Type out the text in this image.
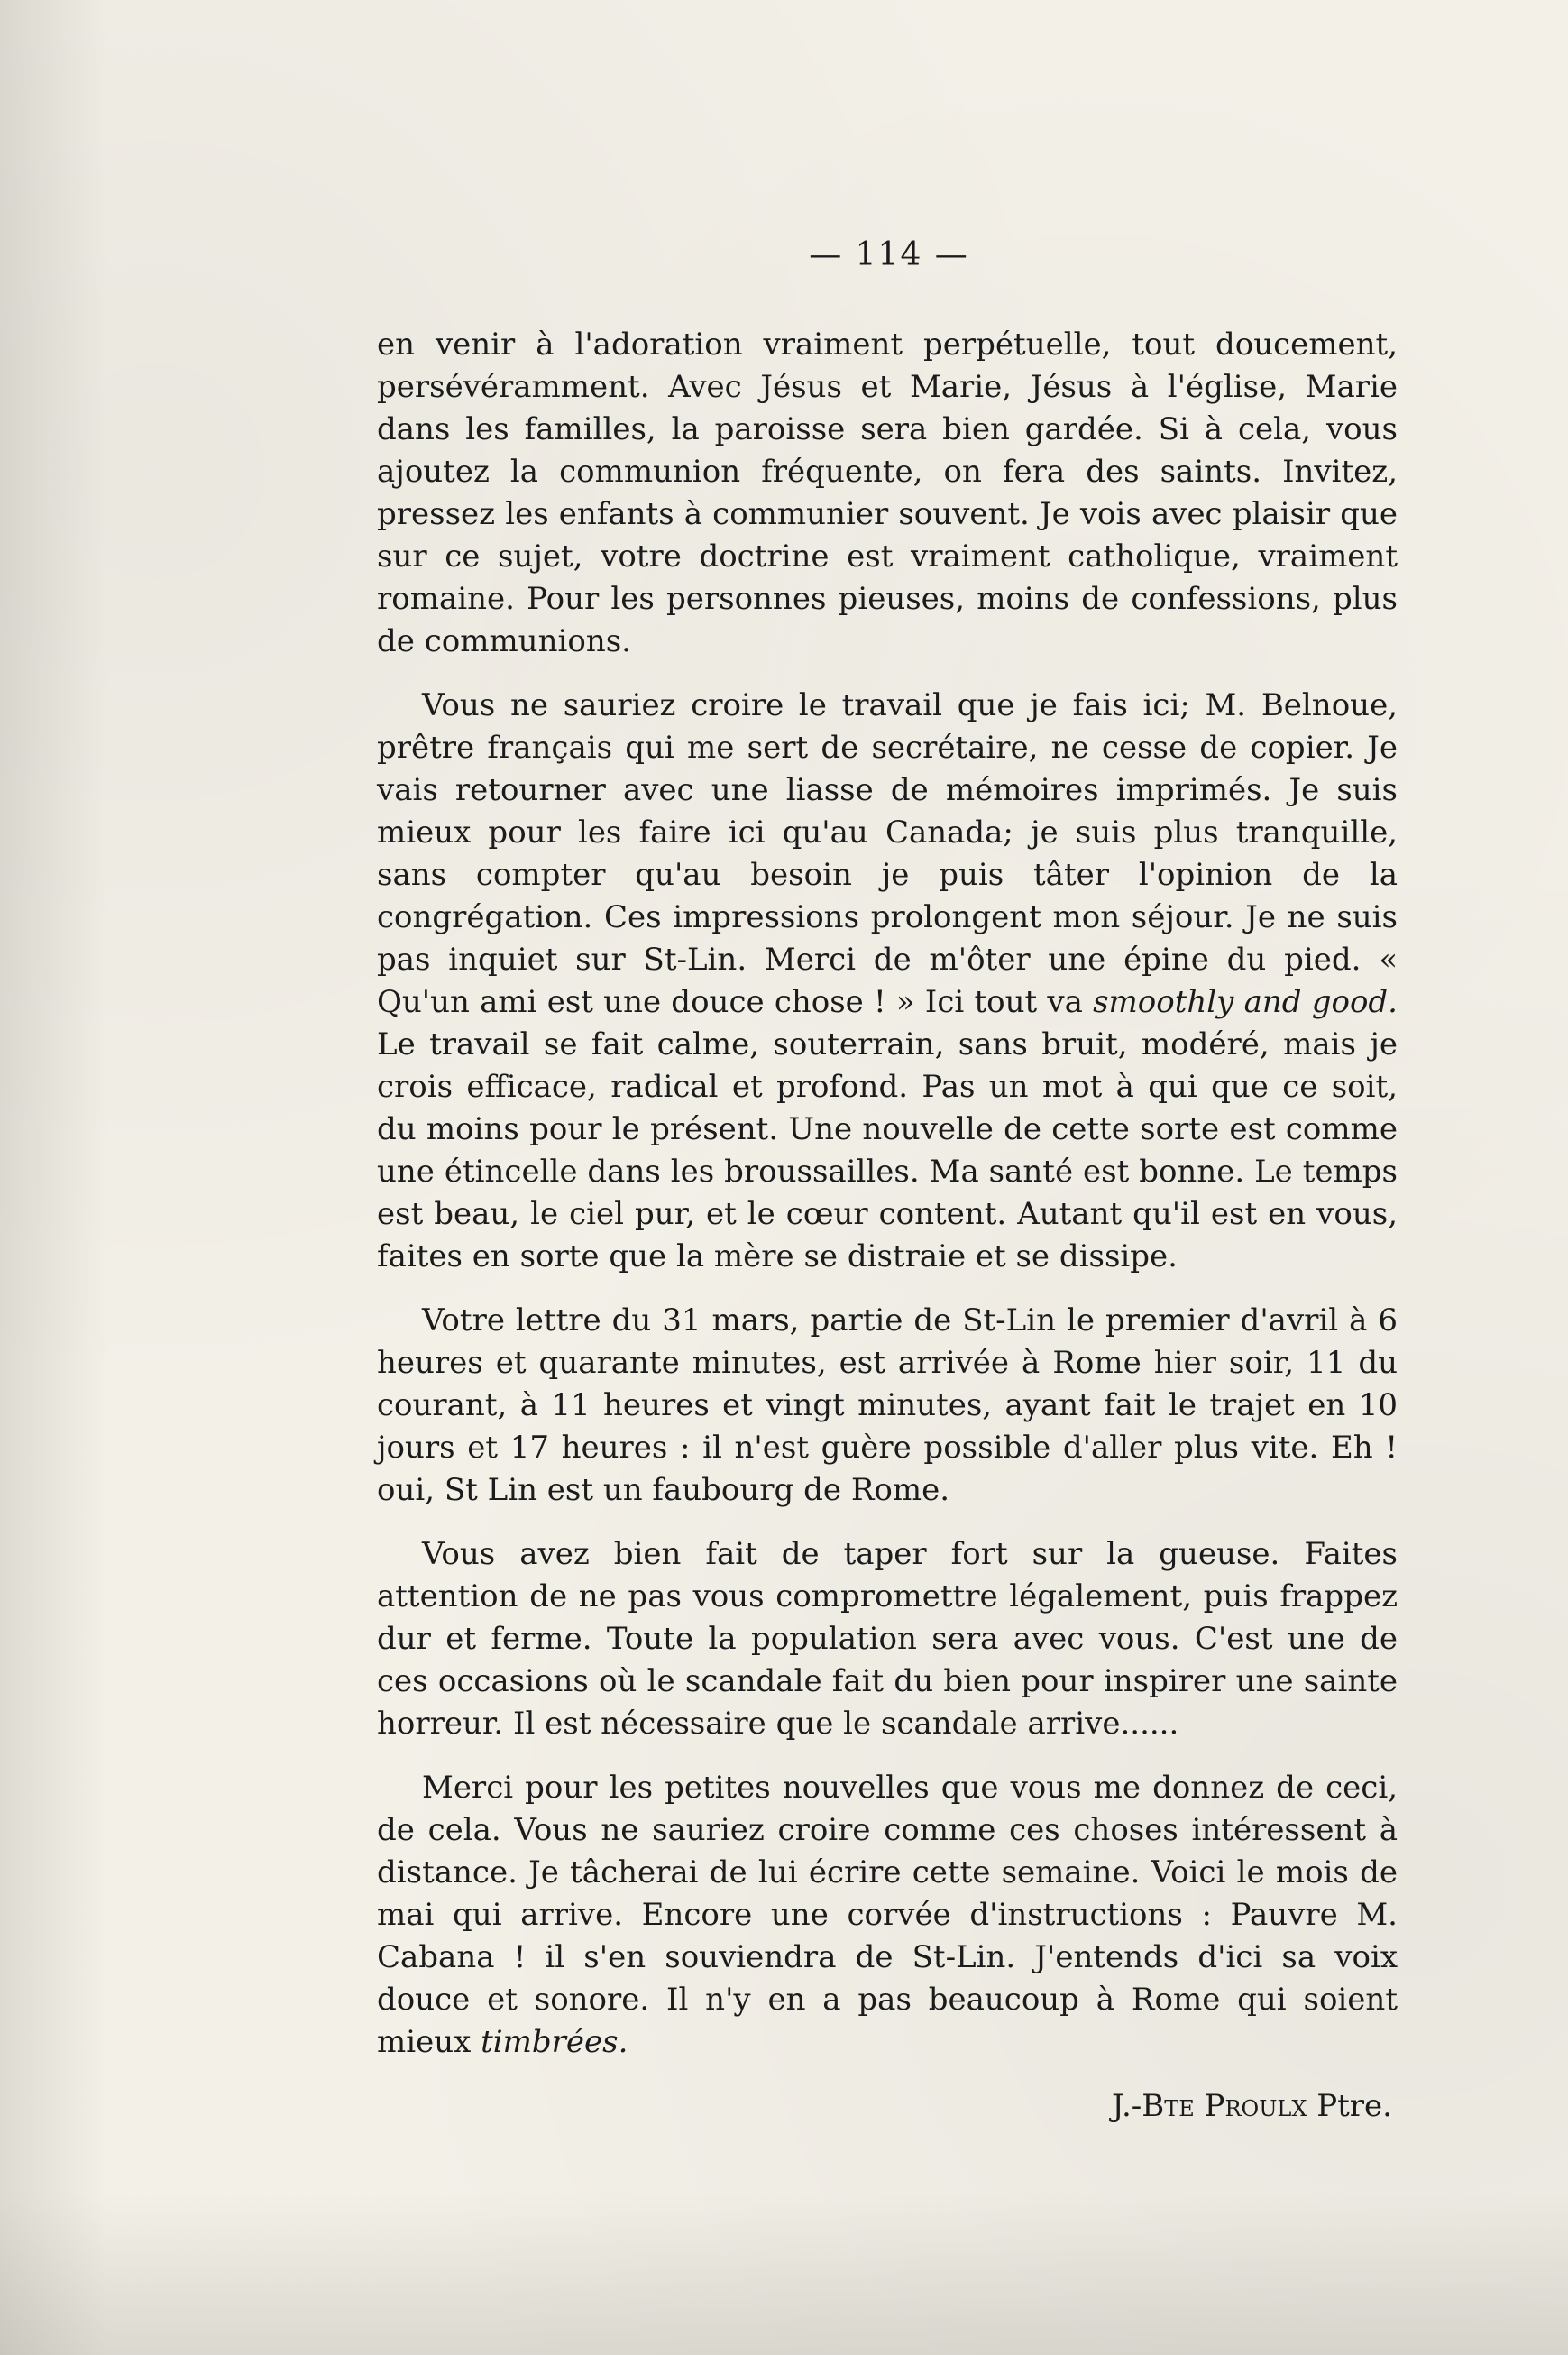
— 114 —

en venir à l'adoration vraiment perpétuelle, tout doucement, persévéramment. Avec Jésus et Marie, Jésus à l'église, Marie dans les familles, la paroisse sera bien gardée. Si à cela, vous ajoutez la communion fréquente, on fera des saints. Invitez, pressez les enfants à communier souvent. Je vois avec plaisir que sur ce sujet, votre doctrine est vraiment catholique, vraiment romaine. Pour les personnes pieuses, moins de confessions, plus de communions.

Vous ne sauriez croire le travail que je fais ici; M. Belnoue, prêtre français qui me sert de secrétaire, ne cesse de copier. Je vais retourner avec une liasse de mémoires imprimés. Je suis mieux pour les faire ici qu'au Canada; je suis plus tranquille, sans compter qu'au besoin je puis tâter l'opinion de la congrégation. Ces impressions prolongent mon séjour. Je ne suis pas inquiet sur St-Lin. Merci de m'ôter une épine du pied. « Qu'un ami est une douce chose ! » Ici tout va smoothly and good. Le travail se fait calme, souterrain, sans bruit, modéré, mais je crois efficace, radical et profond. Pas un mot à qui que ce soit, du moins pour le présent. Une nouvelle de cette sorte est comme une étincelle dans les broussailles. Ma santé est bonne. Le temps est beau, le ciel pur, et le cœur content. Autant qu'il est en vous, faites en sorte que la mère se distraie et se dissipe.

Votre lettre du 31 mars, partie de St-Lin le premier d'avril à 6 heures et quarante minutes, est arrivée à Rome hier soir, 11 du courant, à 11 heures et vingt minutes, ayant fait le trajet en 10 jours et 17 heures : il n'est guère possible d'aller plus vite. Eh ! oui, St Lin est un faubourg de Rome.

Vous avez bien fait de taper fort sur la gueuse. Faites attention de ne pas vous compromettre légalement, puis frappez dur et ferme. Toute la population sera avec vous. C'est une de ces occasions où le scandale fait du bien pour inspirer une sainte horreur. Il est nécessaire que le scandale arrive......

Merci pour les petites nouvelles que vous me donnez de ceci, de cela. Vous ne sauriez croire comme ces choses intéressent à distance. Je tâcherai de lui écrire cette semaine. Voici le mois de mai qui arrive. Encore une corvée d'instructions : Pauvre M. Cabana ! il s'en souviendra de St-Lin. J'entends d'ici sa voix douce et sonore. Il n'y en a pas beaucoup à Rome qui soient mieux timbrées.

J.-Bte Proulx Ptre.
